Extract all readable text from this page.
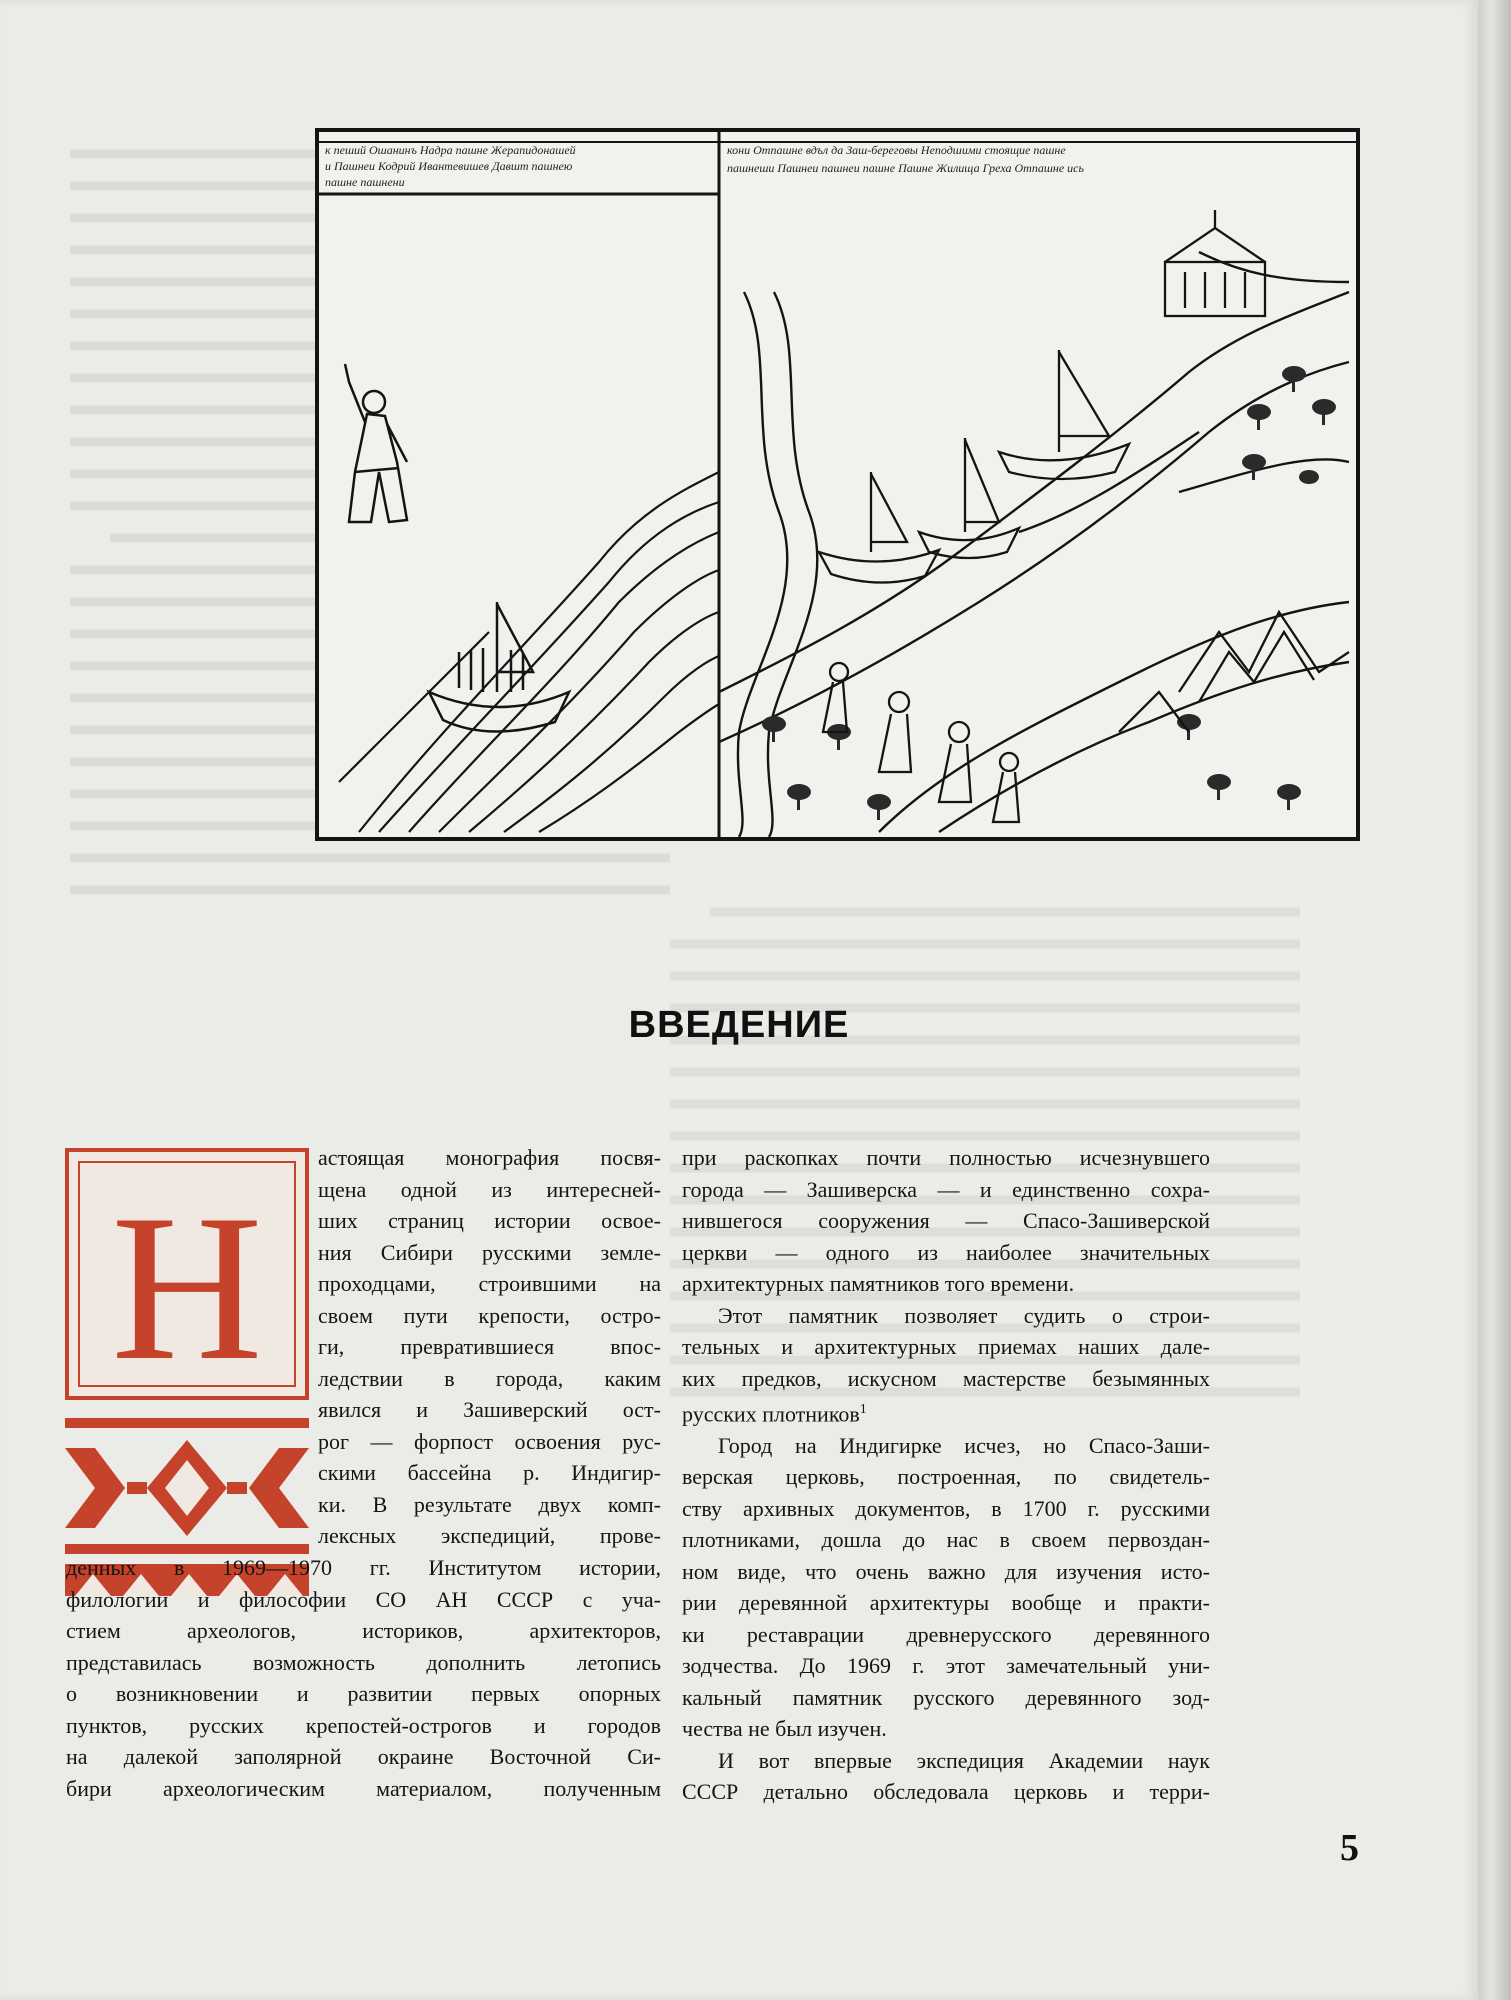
к пеший Ошанинъ Надра пашне Жерапидонашей
и Пашнеи Кодрий Ивантевишев Давшт пашнею
пашне пашнени
кони Отпашне вдъл да Заш-береговы Неподшими стоящие пашне
пашнеши Пашнеи пашнеи пашне Пашне Жилища Греха Отпашне ись
ВВЕДЕНИЕ
Н
астоящая монография посвя-
щена одной из интересней-
ших страниц истории освое-
ния Сибири русскими земле-
проходцами, строившими на
своем пути крепости, остро-
ги, превратившиеся впос-
ледствии в города, каким
явился и Зашиверский ост-
рог — форпост освоения рус-
скими бассейна р. Индигир-
ки. В результате двух комп-
лексных экспедиций, прове-
денных в 1969—1970 гг. Институтом истории,
филологии и философии СО АН СССР с уча-
стием археологов, историков, архитекторов,
представилась возможность дополнить летопись
о возникновении и развитии первых опорных
пунктов, русских крепостей-острогов и городов
на далекой заполярной окраине Восточной Си-
бири археологическим материалом, полученным
при раскопках почти полностью исчезнувшего
города — Зашиверска — и единственно сохра-
нившегося сооружения — Спасо-Зашиверской
церкви — одного из наиболее значительных
архитектурных памятников того времени.
Этот памятник позволяет судить о строи-
тельных и архитектурных приемах наших дале-
ких предков, искусном мастерстве безымянных
русских плотников$^1$
Город на Индигирке исчез, но Спасо-Заши-
верская церковь, построенная, по свидетель-
ству архивных документов, в 1700 г. русскими
плотниками, дошла до нас в своем первоздан-
ном виде, что очень важно для изучения исто-
рии деревянной архитектуры вообще и практи-
ки реставрации древнерусского деревянного
зодчества. До 1969 г. этот замечательный уни-
кальный памятник русского деревянного зод-
чества не был изучен.
И вот впервые экспедиция Академии наук
СССР детально обследовала церковь и терри-
5
